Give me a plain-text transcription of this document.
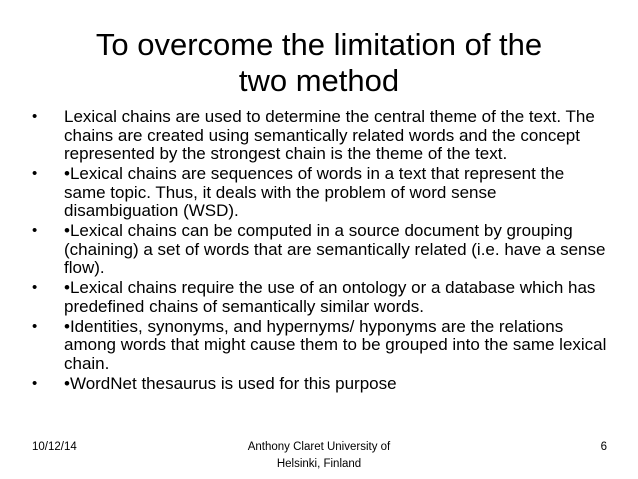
To overcome the limitation of the
two method
•	Lexical chains are used to determine the central theme of the text. The chains are created using semantically related words and the concept represented by the strongest chain is the theme of the text.
•	•Lexical chains are sequences of words in a text that represent the same topic. Thus, it deals with the problem of word sense disambiguation (WSD).
•	•Lexical chains can be computed in a source document by grouping (chaining) a set of words that are semantically related (i.e. have a sense flow).
•	•Lexical chains require the use of an ontology or a database which has predefined chains of semantically similar words.
•	•Identities, synonyms, and hypernyms/ hyponyms are the relations among words that might cause them to be grouped into the same lexical chain.
•	•WordNet thesaurus is used for this purpose
10/12/14	Anthony Claret University of
Helsinki, Finland
6
